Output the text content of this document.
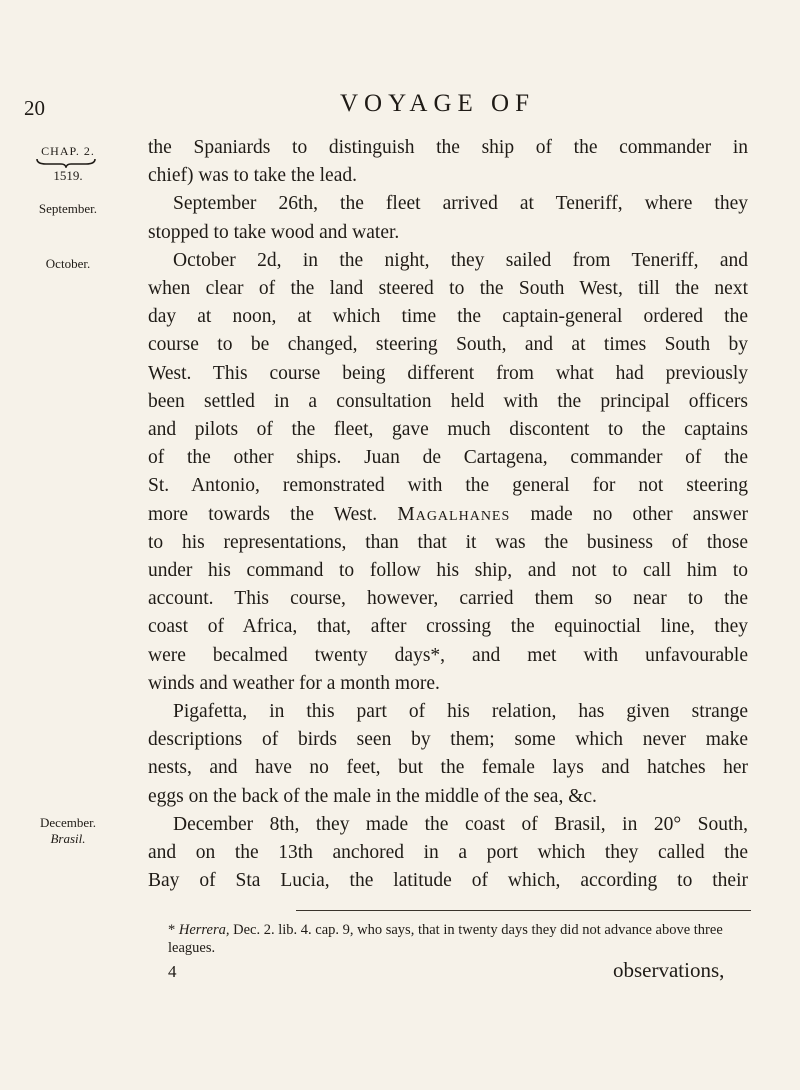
20	VOYAGE OF
CHAP. 2.
1519.
September.
October.
December.
Brasil.
the Spaniards to distinguish the ship of the commander in
chief) was to take the lead.
September 26th, the fleet arrived at Teneriff, where they
stopped to take wood and water.
October 2d, in the night, they sailed from Teneriff, and
when clear of the land steered to the South West, till the next
day at noon, at which time the captain-general ordered the
course to be changed, steering South, and at times South by
West. This course being different from what had previously
been settled in a consultation held with the principal officers
and pilots of the fleet, gave much discontent to the captains
of the other ships. Juan de Cartagena, commander of the
St. Antonio, remonstrated with the general for not steering
more towards the West. Magalhanes made no other answer
to his representations, than that it was the business of those
under his command to follow his ship, and not to call him to
account. This course, however, carried them so near to the
coast of Africa, that, after crossing the equinoctial line, they
were becalmed twenty days*, and met with unfavourable
winds and weather for a month more.
Pigafetta, in this part of his relation, has given strange
descriptions of birds seen by them; some which never make
nests, and have no feet, but the female lays and hatches her
eggs on the back of the male in the middle of the sea, &c.
December 8th, they made the coast of Brasil, in 20° South,
and on the 13th anchored in a port which they called the
Bay of Sta Lucia, the latitude of which, according to their
* Herrera, Dec. 2. lib. 4. cap. 9, who says, that in twenty days they did not advance above three leagues.
4	observations,
